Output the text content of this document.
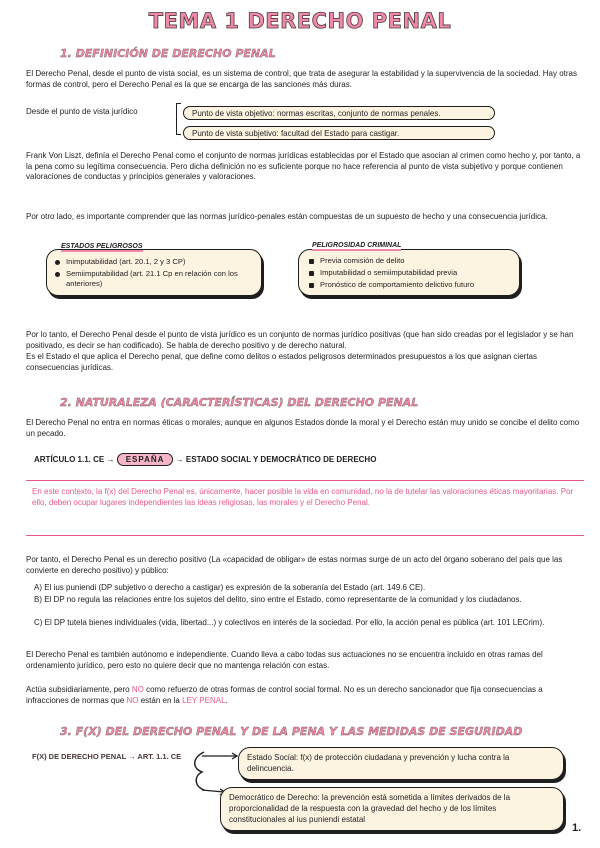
TEMA 1 DERECHO PENAL
1. DEFINICIÓN DE DERECHO PENAL

El Derecho Penal, desde el punto de vista social, es un sistema de control, que trata de asegurar la estabilidad y la supervivencia de la sociedad. Hay otras formas de control, pero el Derecho Penal es la que se encarga de las sanciones más duras.

Desde el punto de vista jurídico	Punto de vista objetivo: normas escritas, conjunto de normas penales.
Punto de vista subjetivo: facultad del Estado para castigar.

Frank Von Liszt, definía el Derecho Penal como el conjunto de normas jurídicas establecidas por el Estado que asocian al crimen como hecho y, por tanto, a la pena como su legítima consecuencia. Pero dicha definición no es suficiente porque no hace referencia al punto de vista subjetivo y porque contienen valoraciones de conductas y principios generales y valoraciones.

Por otro lado, es importante comprender que las normas jurídico-penales están compuestas de un supuesto de hecho y una consecuencia jurídica.

Inimputabilidad (art. 20.1, 2 y 3 CP)
Semiimputabilidad (art. 21.1 Cp en relación con los anteriores)
ESTADOS PELIGROSOS
Previa comisión de delito
Imputabilidad o semiimputabilidad previa
Pronóstico de comportamiento delictivo futuro
PELIGROSIDAD CRIMINAL

Por lo tanto, el Derecho Penal desde el punto de vista jurídico es un conjunto de normas jurídico positivas (que han sido creadas por el legislador y se han positivado, es decir se han codificado). Se habla de derecho positivo y de derecho natural.

Es el Estado el que aplica el Derecho penal, que define como delitos o estados peligrosos determinados presupuestos a los que asignan ciertas consecuencias jurídicas.

2. NATURALEZA (CARACTERÍSTICAS) DEL DERECHO PENAL

El Derecho Penal no entra en normas éticas o morales, aunque en algunos Estados donde la moral y el Derecho están muy unido se concibe el delito como un pecado.

ARTÍCULO 1.1. CE → ESPAÑA → ESTADO SOCIAL Y DEMOCRÁTICO DE DERECHO
En este contexto, la f(x) del Derecho Penal es, únicamente, hacer posible la vida en comunidad, no la de tutelar las valoraciones éticas mayoritarias. Por ello, deben ocupar lugares independientes las ideas religiosas, las morales y el Derecho Penal.

Por tanto, el Derecho Penal es un derecho positivo (La «capacidad de obligar» de estas normas surge de un acto del órgano soberano del país que las convierte en derecho positivo) y público:

A) El ius puniendi (DP subjetivo o derecho a castigar) es expresión de la soberanía del Estado (art. 149.6 CE).

B) El DP no regula las relaciones entre los sujetos del delito, sino entre el Estado, como representante de la comunidad y los ciudadanos.

C) El DP tutela bienes individuales (vida, libertad...) y colectivos en interés de la sociedad. Por ello, la acción penal es pública (art. 101 LECrim).

El Derecho Penal es también autónomo e independiente. Cuando lleva a cabo todas sus actuaciones no se encuentra incluido en otras ramas del ordenamiento jurídico, pero esto no quiere decir que no mantenga relación con estas.

Actúa subsidiariamente, pero NO como refuerzo de otras formas de control social formal. No es un derecho sancionador que fija consecuencias a infracciones de normas que NO están en la LEY PENAL.

3. F(X) DEL DERECHO PENAL Y DE LA PENA Y LAS MEDIDAS DE SEGURIDAD
F(X) DE DERECHO PENAL → ART. 1.1. CE	Estado Social: f(x) de protección ciudadana y prevención y lucha contra la delincuencia.
Democrático de Derecho: la prevención está sometida a límites derivados de la proporcionalidad de la respuesta con la gravedad del hecho y de los límites constitucionales al ius puniendi estatal
1.
